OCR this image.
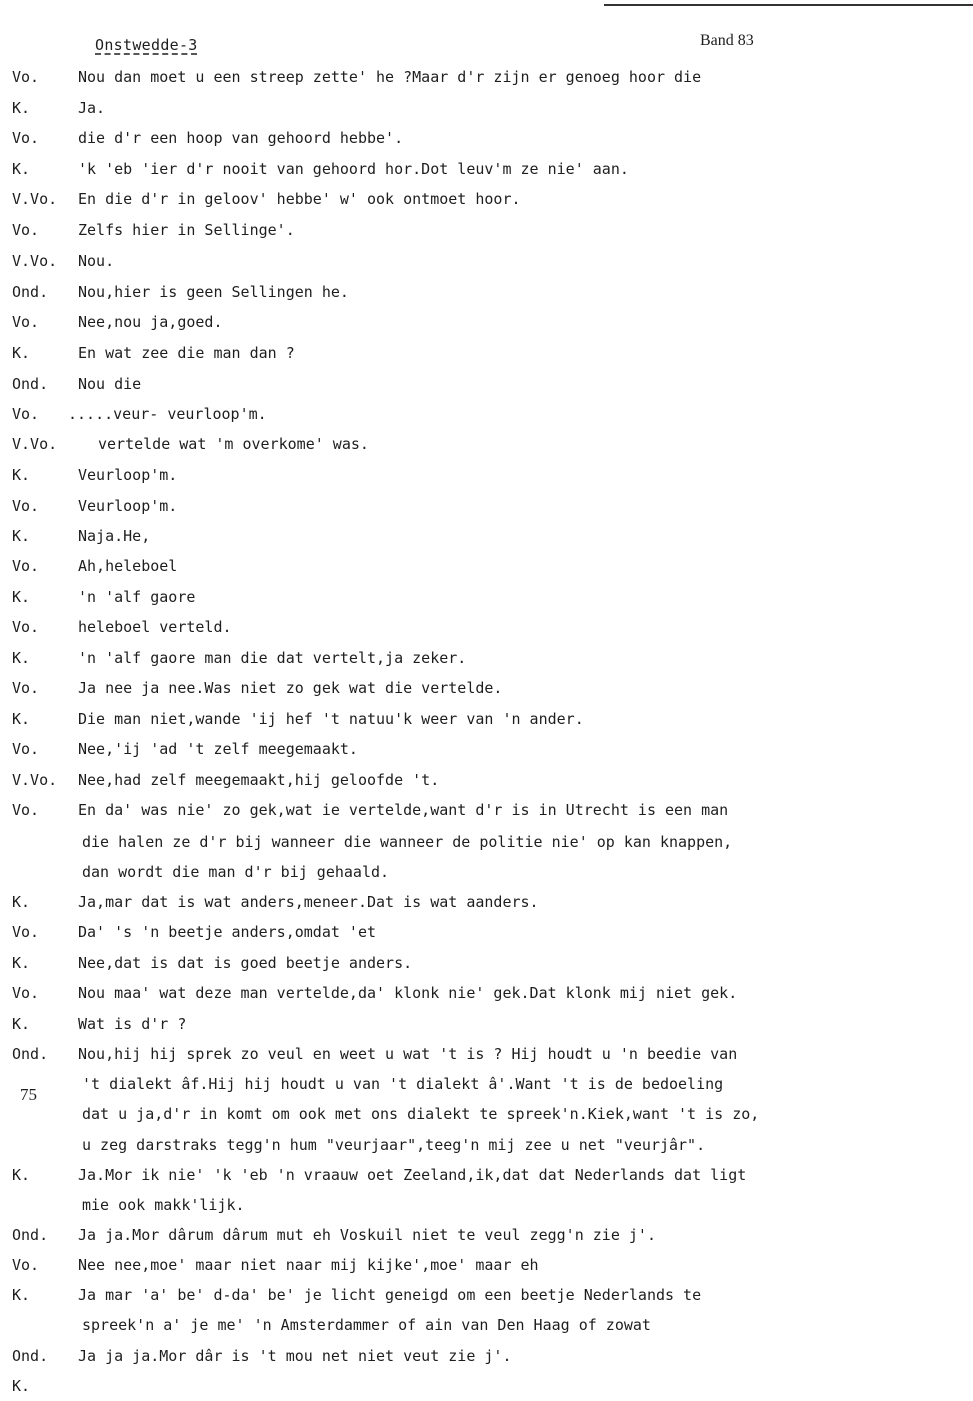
Onstwedde-3	Band 83
75
Vo.	Nou dan moet u een streep zette' he ?Maar d'r zijn er genoeg hoor die
K.	Ja.
Vo.	die d'r een hoop van gehoord hebbe'.
K.	'k 'eb 'ier d'r nooit van gehoord hor.Dot leuv'm ze nie' aan.
V.Vo. En die d'r in geloov' hebbe' w' ook ontmoet hoor.
Vo.	Zelfs hier in Sellinge'.
V.Vo. Nou.
Ond. Nou,hier is geen Sellingen he.
Vo.	Nee,nou ja,goed.
K.	En wat zee die man dan ?
Ond. Nou die
Vo. .....veur- veurloop'm.
V.Vo.	vertelde wat 'm overkome' was.
K.	Veurloop'm.
Vo.	Veurloop'm.
K.	Naja.He,
Vo.	Ah,heleboel
K.	'n 'alf gaore
Vo.	heleboel verteld.
K.	'n 'alf gaore man die dat vertelt,ja zeker.
Vo.	Ja nee ja nee.Was niet zo gek wat die vertelde.
K.	Die man niet,wande 'ij hef 't natuu'k weer van 'n ander.
Vo.	Nee,'ij 'ad 't zelf meegemaakt.
V.Vo. Nee,had zelf meegemaakt,hij geloofde 't.
Vo.	En da' was nie' zo gek,wat ie vertelde,want d'r is in Utrecht is een man
die halen ze d'r bij wanneer die wanneer de politie nie' op kan knappen,
dan wordt die man d'r bij gehaald.
K.	Ja,mar dat is wat anders,meneer.Dat is wat aanders.
Vo.	Da' 's 'n beetje anders,omdat 'et
K.	Nee,dat is dat is goed beetje anders.
Vo.	Nou maa' wat deze man vertelde,da' klonk nie' gek.Dat klonk mij niet gek.
K.	Wat is d'r ?
Ond. Nou,hij hij sprek zo veul en weet u wat 't is ? Hij houdt u 'n beedie van
't dialekt âf.Hij hij houdt u van 't dialekt â'.Want 't is de bedoeling
dat u ja,d'r in komt om ook met ons dialekt te spreek'n.Kiek,want 't is zo,
u zeg darstraks tegg'n hum "veurjaar",teeg'n mij zee u net "veurjâr".
K.	Ja.Mor ik nie' 'k 'eb 'n vraauw oet Zeeland,ik,dat dat Nederlands dat ligt
mie ook makk'lijk.
Ond. Ja ja.Mor dârum dârum mut eh Voskuil niet te veul zegg'n zie j'.
Vo.	Nee nee,moe' maar niet naar mij kijke',moe' maar eh
K.	Ja mar 'a' be' d-da' be' je licht geneigd om een beetje Nederlands te
spreek'n a' je me' 'n Amsterdammer of ain van Den Haag of zowat
Ond. Ja ja ja.Mor dâr is 't mou net niet veut zie j'.
K.
